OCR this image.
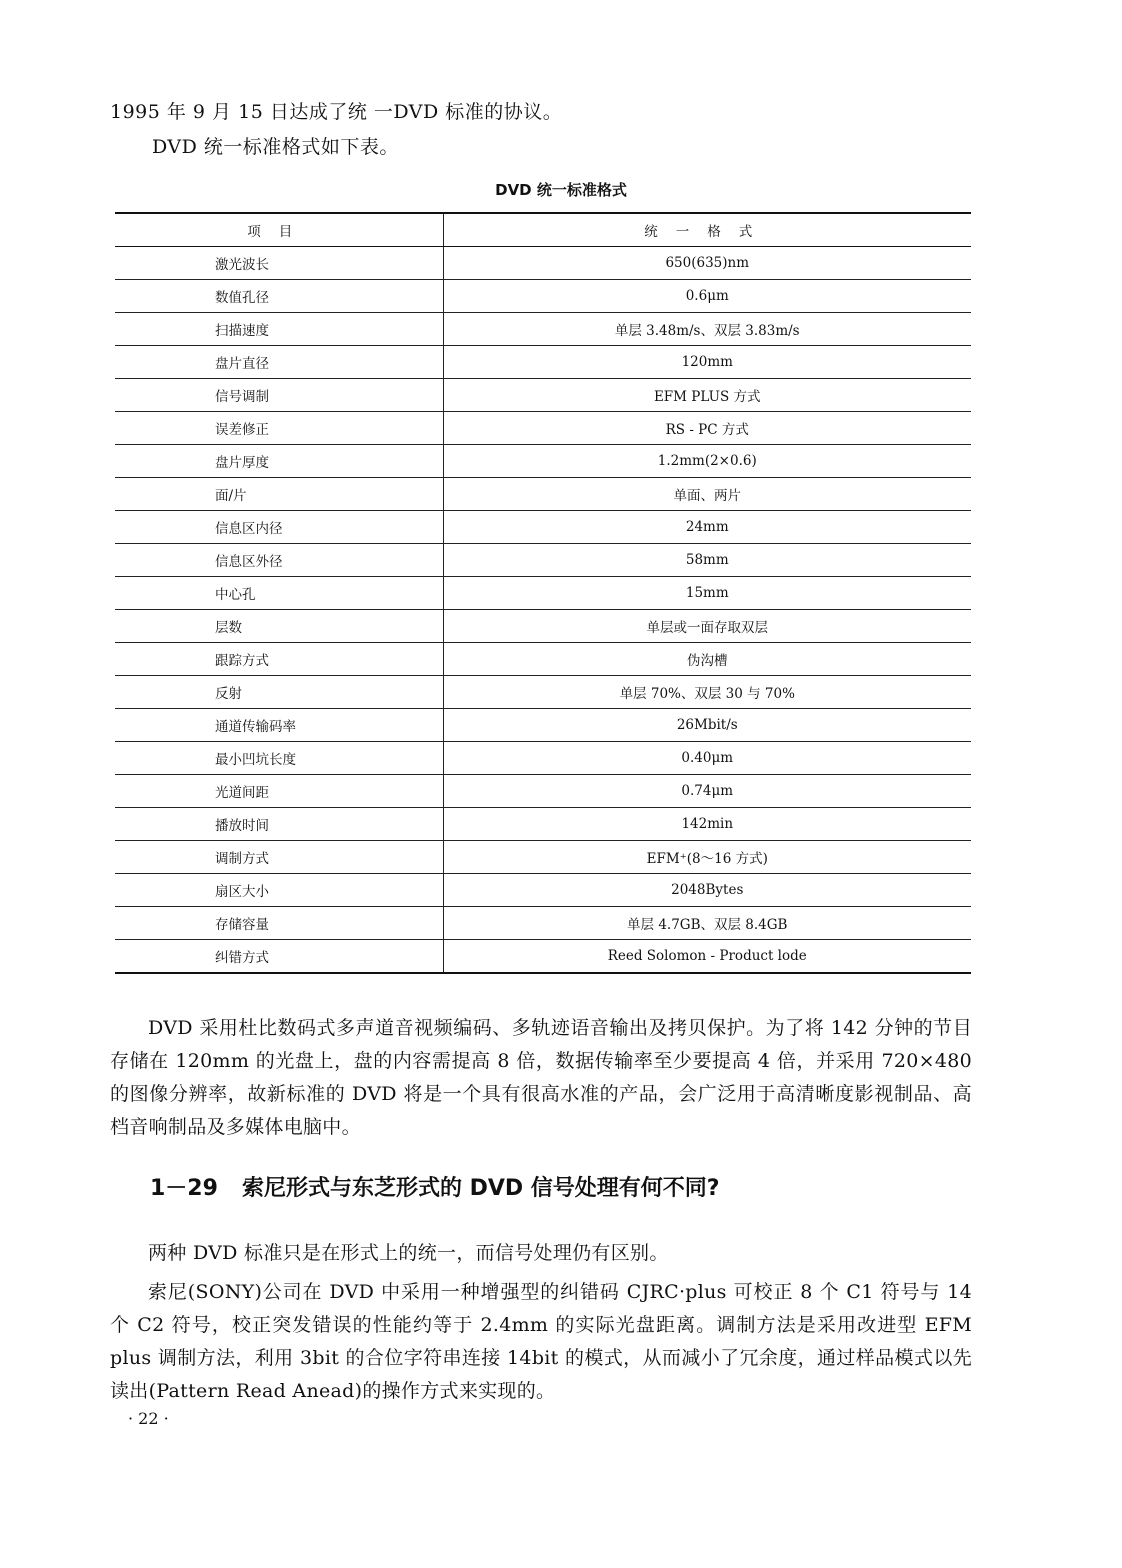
1995 年 9 月 15 日达成了统 一DVD 标准的协议。
DVD 统一标准格式如下表。
DVD 统一标准格式
项目	统一格式
激光波长	650(635)nm
数值孔径	0.6μm
扫描速度	单层 3.48m/s、双层 3.83m/s
盘片直径	120mm
信号调制	EFM PLUS 方式
误差修正	RS - PC 方式
盘片厚度	1.2mm(2×0.6)
面/片	单面、两片
信息区内径	24mm
信息区外径	58mm
中心孔	15mm
层数	单层或一面存取双层
跟踪方式	伪沟槽
反射	单层 70%、双层 30 与 70%
通道传输码率	26Mbit/s
最小凹坑长度	0.40μm
光道间距	0.74μm
播放时间	142min
调制方式	EFM⁺(8～16 方式)
扇区大小	2048Bytes
存储容量	单层 4.7GB、双层 8.4GB
纠错方式	Reed Solomon - Product lode

DVD 采用杜比数码式多声道音视频编码、多轨迹语音输出及拷贝保护。为了将 142 分钟的节目存储在 120mm 的光盘上，盘的内容需提高 8 倍，数据传输率至少要提高 4 倍，并采用 720×480 的图像分辨率，故新标准的 DVD 将是一个具有很高水准的产品，会广泛用于高清晰度影视制品、高档音响制品及多媒体电脑中。

1－29 索尼形式与东芝形式的 DVD 信号处理有何不同?

两种 DVD 标准只是在形式上的统一，而信号处理仍有区别。

索尼(SONY)公司在 DVD 中采用一种增强型的纠错码 CJRC·plus 可校正 8 个 C1 符号与 14 个 C2 符号，校正突发错误的性能约等于 2.4mm 的实际光盘距离。调制方法是采用改进型 EFM plus 调制方法，利用 3bit 的合位字符串连接 14bit 的模式，从而减小了冗余度，通过样品模式以先读出(Pattern Read Anead)的操作方式来实现的。

· 22 ·
